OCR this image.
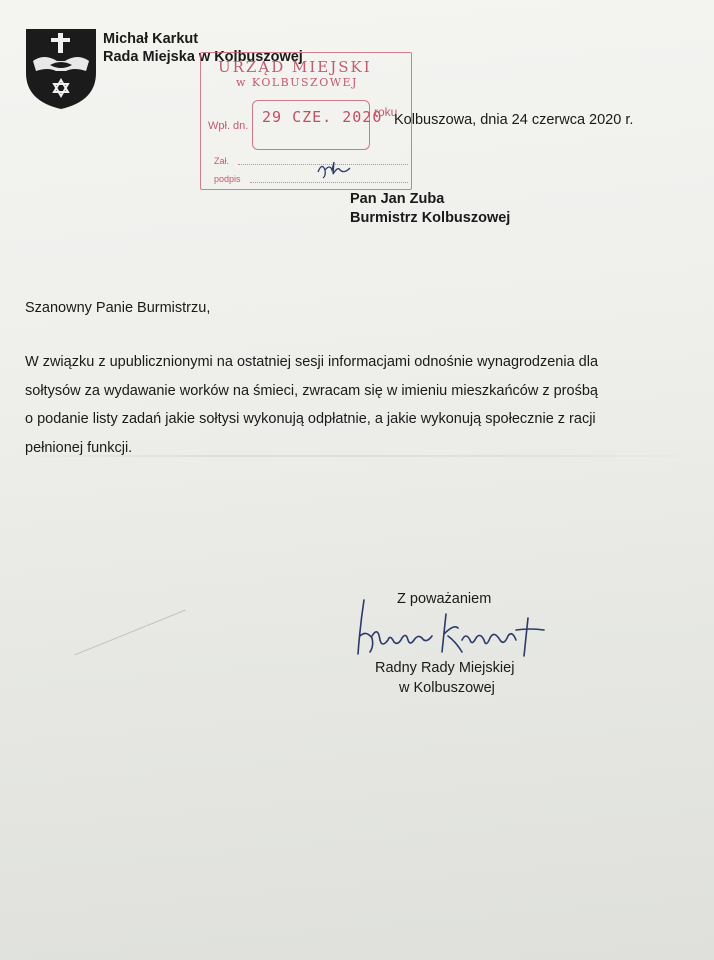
Michał Karkut
Rada Miejska w Kolbuszowej
URZĄD MIEJSKI
w KOLBUSZOWEJ
Wpł. dn. 29 CZE. 2020
roku
Zał.
podpis
Kolbuszowa, dnia 24 czerwca 2020 r.
Pan Jan Zuba
Burmistrz Kolbuszowej
Szanowny Panie Burmistrzu,
W związku z upublicznionymi na ostatniej sesji informacjami odnośnie wynagrodzenia dla
sołtysów za wydawanie worków na śmieci, zwracam się w imieniu mieszkańców z prośbą
o podanie listy zadań jakie sołtysi wykonują odpłatnie, a jakie wykonują społecznie z racji
pełnionej funkcji.
Z poważaniem
Radny Rady Miejskiej
w Kolbuszowej
